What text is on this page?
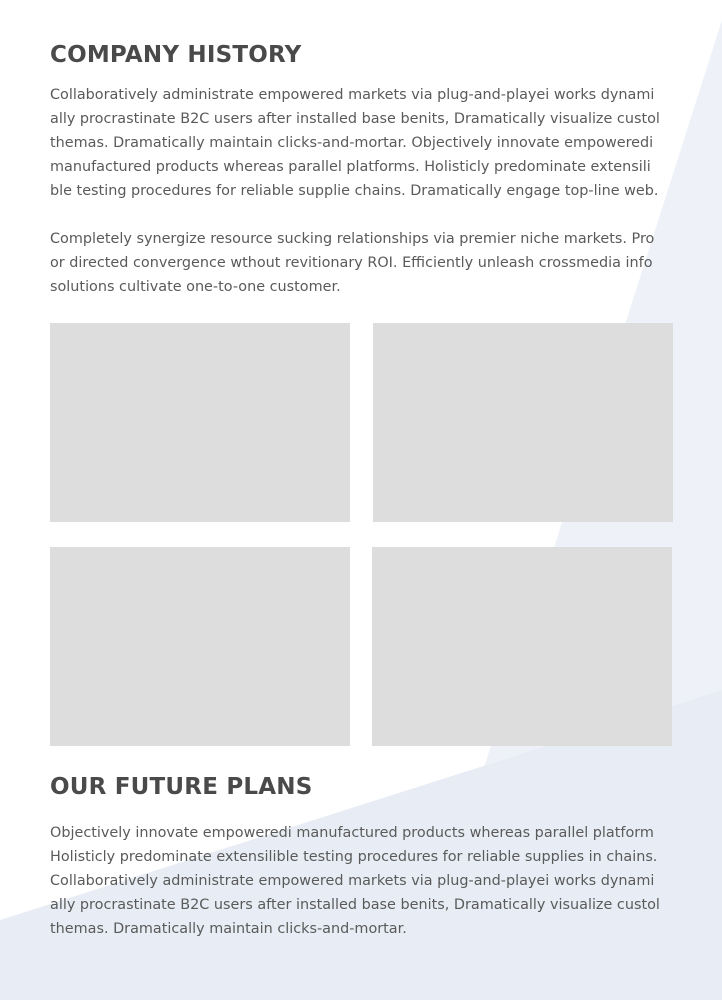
COMPANY HISTORY

Collaboratively administrate empowered markets via plug-and-playei works dynami
ally procrastinate B2C users after installed base benits, Dramatically visualize custol
themas. Dramatically maintain clicks-and-mortar. Objectively innovate empoweredi
manufactured products whereas parallel platforms. Holisticly predominate extensili
ble testing procedures for reliable supplie chains. Dramatically engage top-line web.

Completely synergize resource sucking relationships via premier niche markets. Pro
or directed convergence wthout revitionary ROI. Efficiently unleash crossmedia info
solutions cultivate one-to-one customer.

OUR FUTURE PLANS

Objectively innovate empoweredi manufactured products whereas parallel platform
Holisticly predominate extensilible testing procedures for reliable supplies in chains.
Collaboratively administrate empowered markets via plug-and-playei works dynami
ally procrastinate B2C users after installed base benits, Dramatically visualize custol
themas. Dramatically maintain clicks-and-mortar.
